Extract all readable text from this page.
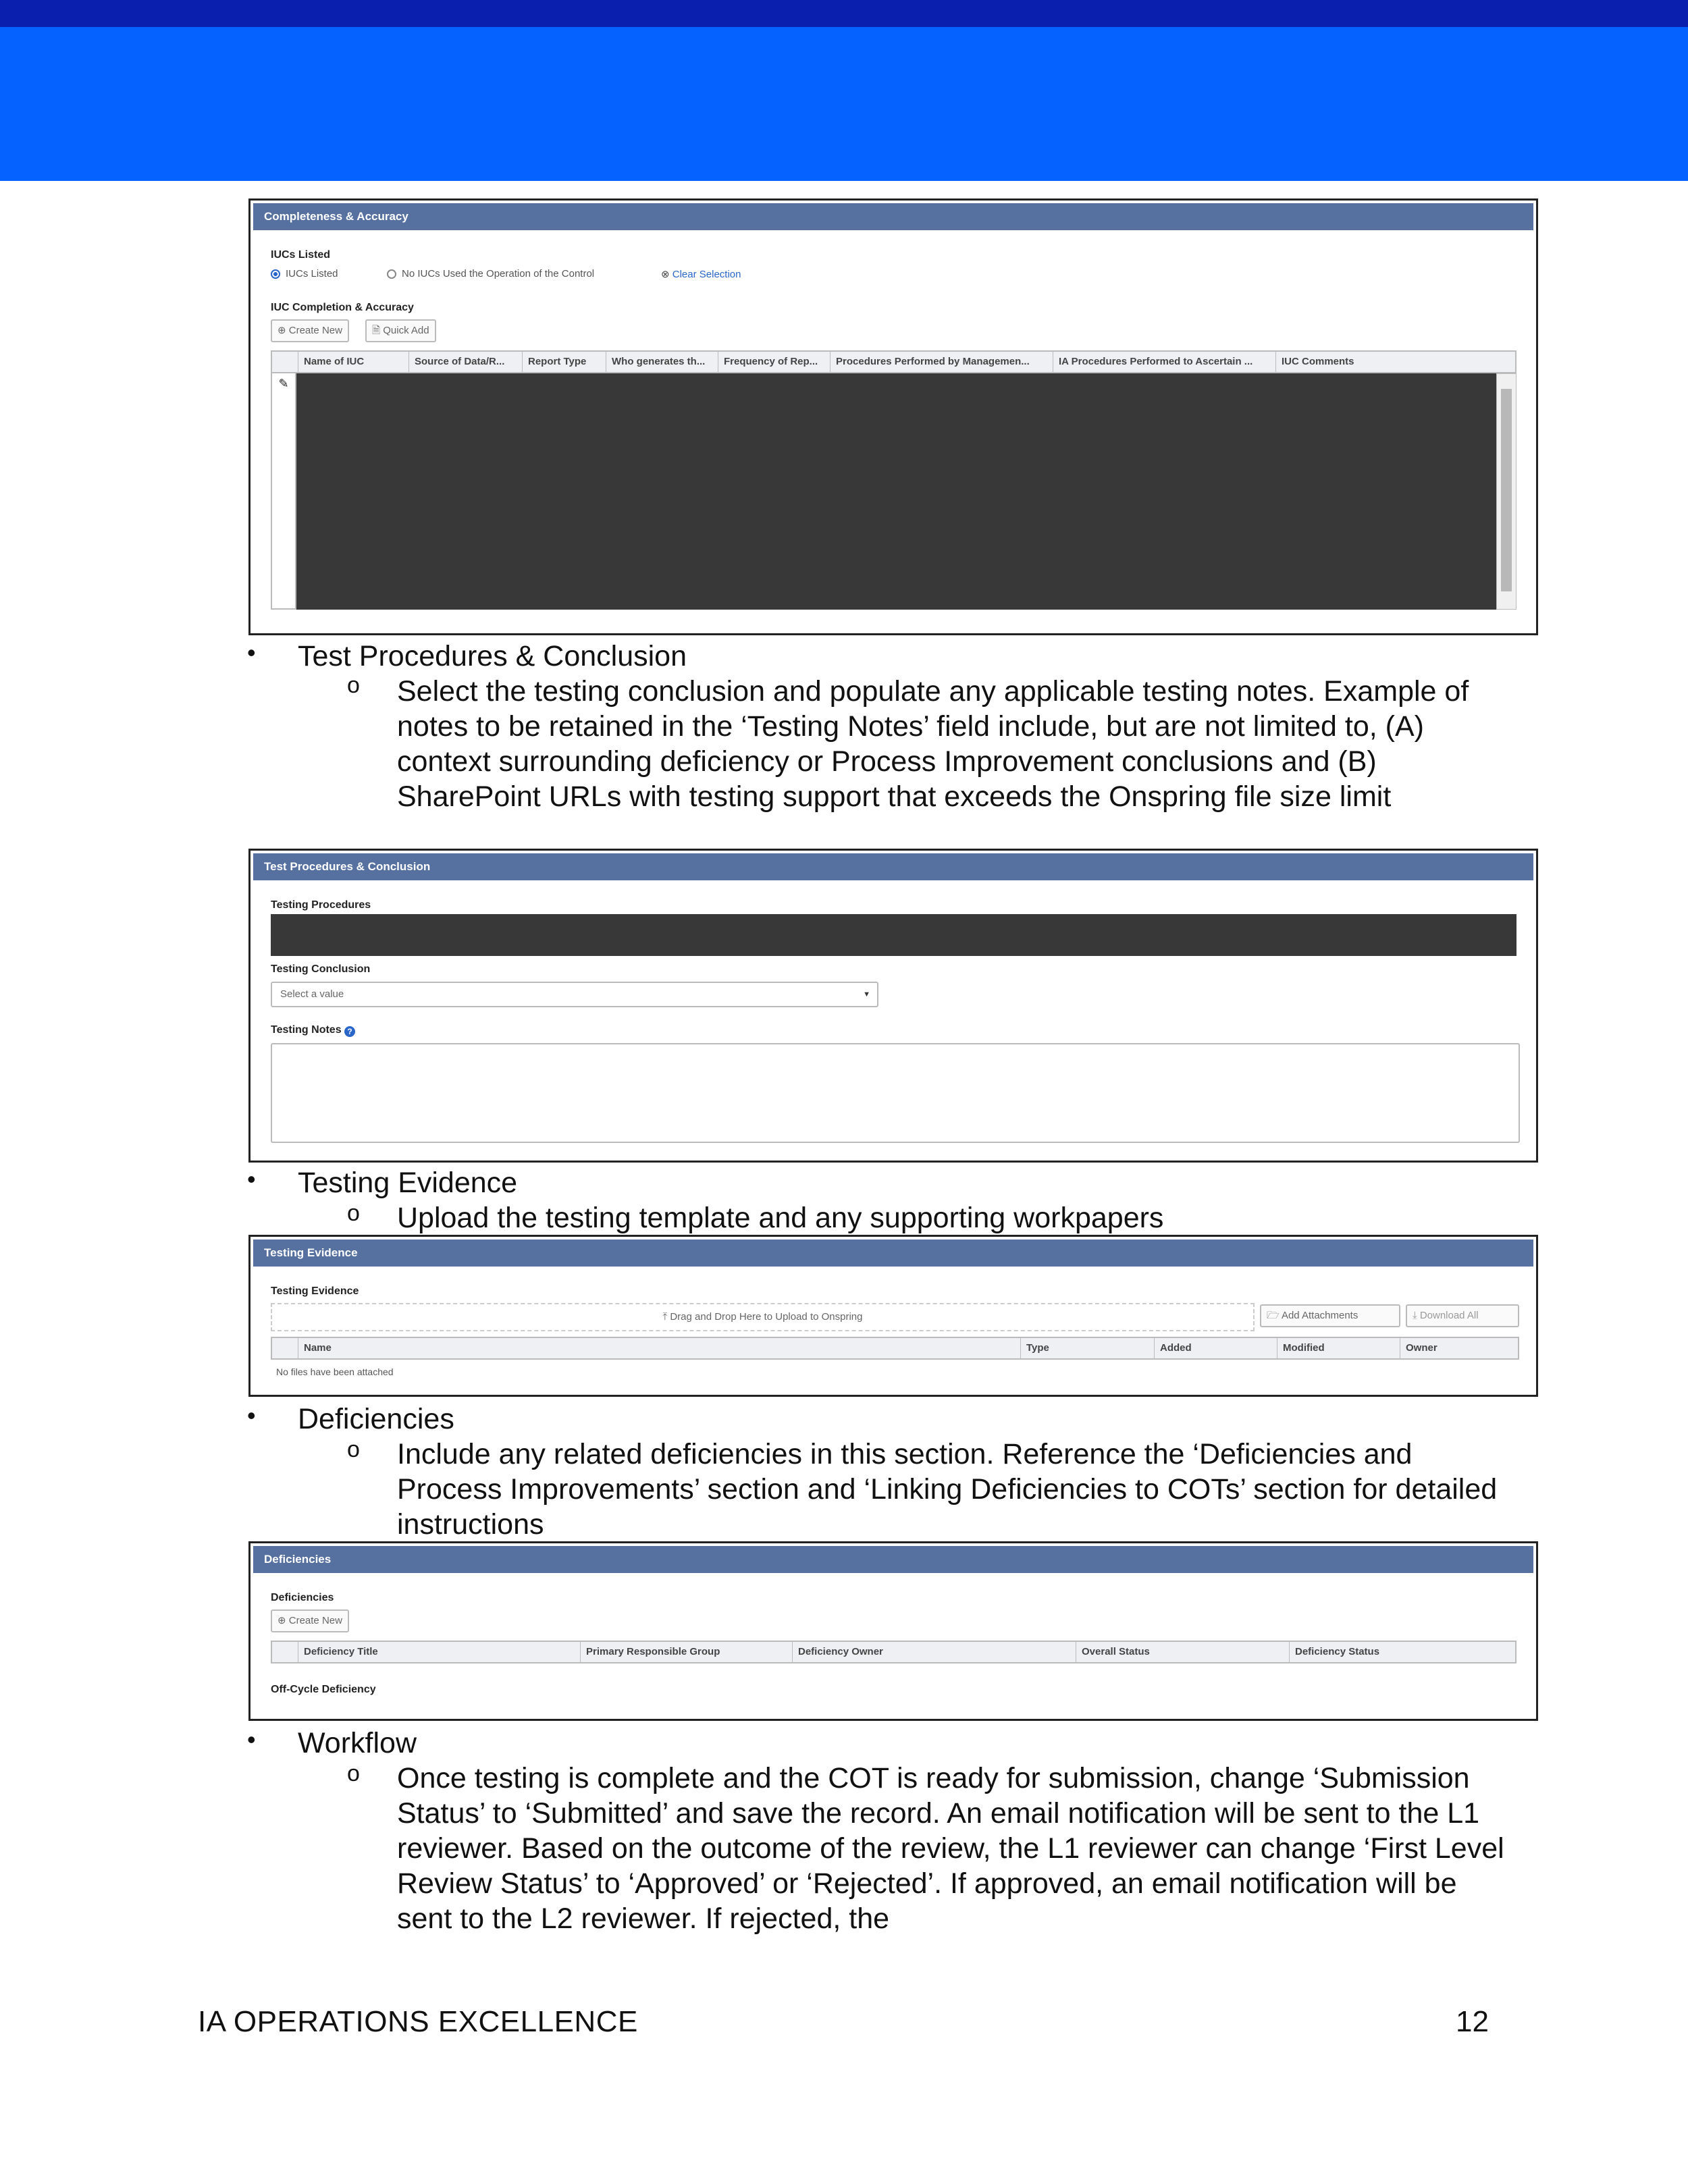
Completeness & Accuracy
IUCs Listed
IUCs Listed	No IUCs Used the Operation of the Control	⊗ Clear Selection
IUC Completion & Accuracy
⊕ Create New	🗎 Quick Add
Name of IUC	Source of Data/R...	Report Type	Who generates th...	Frequency of Rep...	Procedures Performed by Managemen...	IA Procedures Performed to Ascertain ...	IUC Comments
✎
• Test Procedures & Conclusion
o Select the testing conclusion and populate any applicable testing notes. Example of notes to be retained in the ‘Testing Notes’ field include, but are not limited to, (A) context surrounding deficiency or Process Improvement conclusions and (B) SharePoint URLs with testing support that exceeds the Onspring file size limit

Test Procedures & Conclusion
Testing Procedures
Testing Conclusion
Select a value	▼
Testing Notes ?
• Testing Evidence
o Upload the testing template and any supporting workpapers

Testing Evidence
Testing Evidence
⤒ Drag and Drop Here to Upload to Onspring	🗁 Add Attachments	⤓ Download All
Name	Type	Added	Modified	Owner
No files have been attached
• Deficiencies
o Include any related deficiencies in this section. Reference the ‘Deficiencies and Process Improvements’ section and ‘Linking Deficiencies to COTs’ section for detailed instructions

Deficiencies
Deficiencies
⊕ Create New
Deficiency Title	Primary Responsible Group	Deficiency Owner	Overall Status	Deficiency Status
Off-Cycle Deficiency
• Workflow
o Once testing is complete and the COT is ready for submission, change ‘Submission Status’ to ‘Submitted’ and save the record. An email notification will be sent to the L1 reviewer. Based on the outcome of the review, the L1 reviewer can change ‘First Level Review Status’ to ‘Approved’ or ‘Rejected’. If approved, an email notification will be sent to the L2 reviewer. If rejected, the

IA OPERATIONS EXCELLENCE	12
